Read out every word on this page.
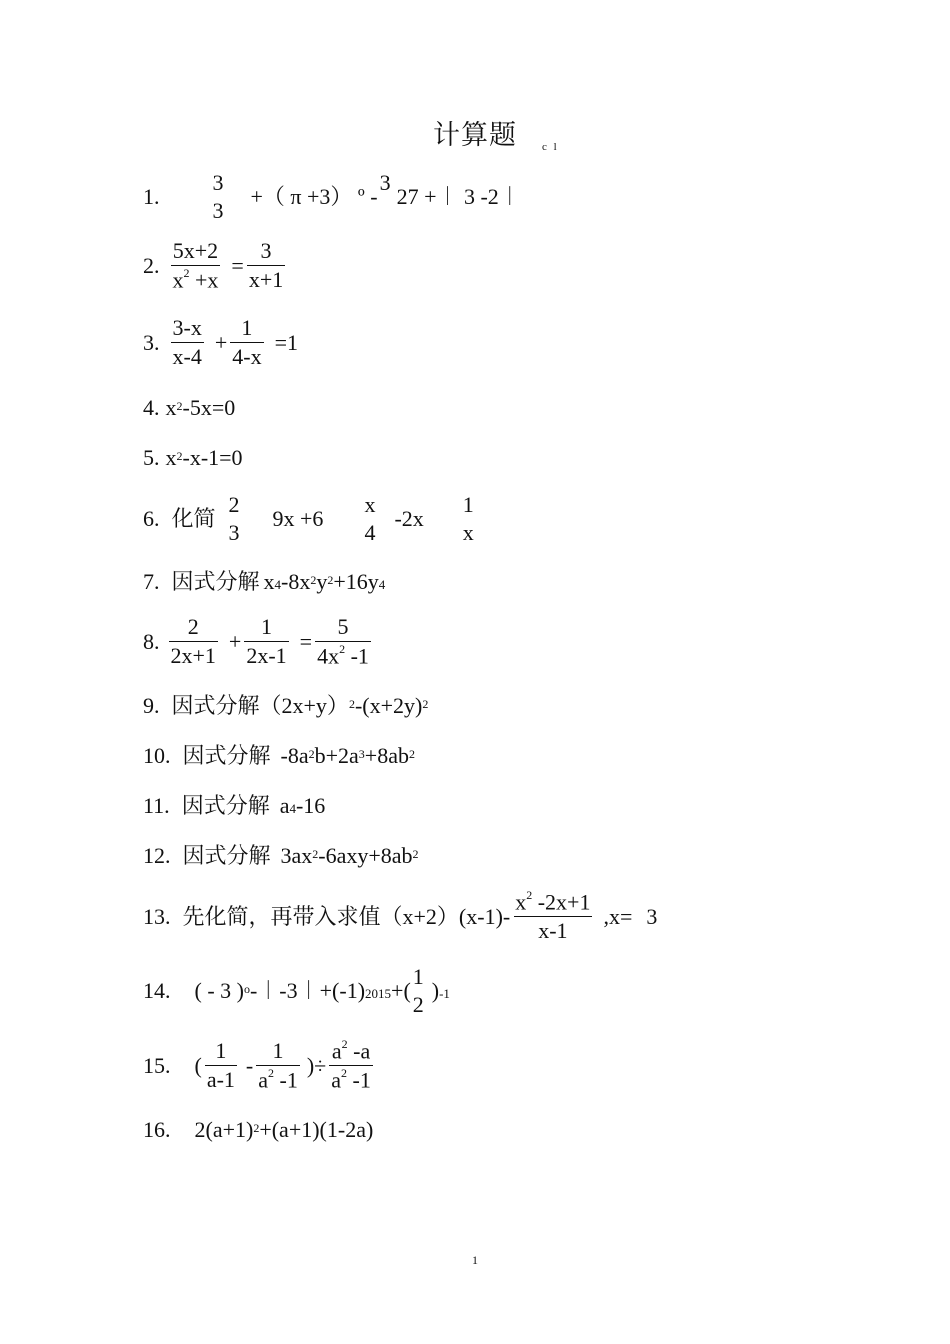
计算题	c l
1.
3
3
+（ π +3） º -
3
27 +︱ 3 -2︱
2. $\frac{5x+2}{x^2 +x} = \frac{3}{x+1}$
3. $\frac{3-x}{x-4} + \frac{1}{4-x} =1$
4. $x^2$ -5x=0
5. $x^2$ -x-1=0
6. 化简
2
3
9x +6
x
4
-2x
1
x
7. 因式分解 x 4 $-8x^2$ $y^2 +16y$ 4
8. $\frac{2}{2x+1} + \frac{1}{2x-1} = \frac{5}{4x^2 -1}$
9. 因式分解 （2x+y） $^2$ -(x+2y) $^2$
10. 因式分解 $-8a^2$ $b+2a^3 +8ab^2$
11. 因式分解 a 4 -16
12. 因式分解 $3ax^2$ $-6axy+8ab^2$
13. 先化简，再带入求值 $(x+2)(x-1)- \frac{x^2 -2x+1}{x-1} ,x= 3$
14. ( - 3 )$^o$ -︱-3︱+(-1) 2015 +(
1
2
) -1
15. ( $\frac{1}{a-1} - \frac{1}{a^2 -1}$ )÷ $\frac{a^2 -a}{a^2 -1}$
16. 2(a+1) $^2$ +(a+1)(1-2a)
1
